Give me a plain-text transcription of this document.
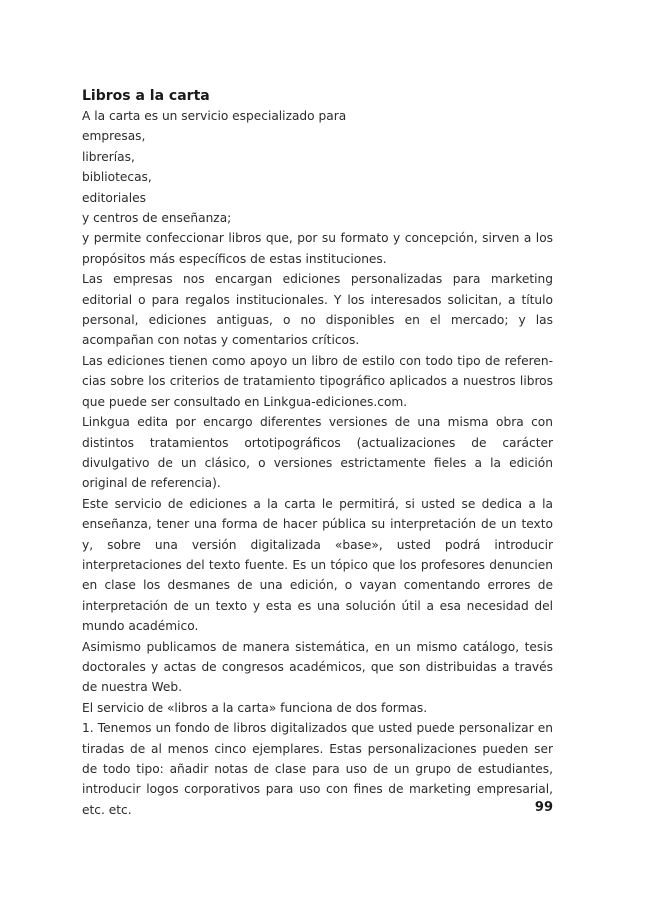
Libros a la carta

A la carta es un servicio especializado para

empresas,

librerías,

bibliotecas,

editoriales

y centros de enseñanza;

y permite confeccionar libros que, por su formato y concepción, sirven a los propósitos más específicos de estas instituciones.

Las empresas nos encargan ediciones personalizadas para marketing editorial o para regalos institucionales. Y los interesados solicitan, a título personal, ediciones antiguas, o no disponibles en el mercado; y las acompañan con notas y comentarios críticos.

Las ediciones tienen como apoyo un libro de estilo con todo tipo de referencias sobre los criterios de tratamiento tipográfico aplicados a nuestros libros que puede ser consultado en Linkgua-ediciones.com.

Linkgua edita por encargo diferentes versiones de una misma obra con distintos tratamientos ortotipográficos (actualizaciones de carácter divulgativo de un clásico, o versiones estrictamente fieles a la edición original de referencia).

Este servicio de ediciones a la carta le permitirá, si usted se dedica a la enseñanza, tener una forma de hacer pública su interpretación de un texto y, sobre una versión digitalizada «base», usted podrá introducir interpretaciones del texto fuente. Es un tópico que los profesores denuncien en clase los desmanes de una edición, o vayan comentando errores de interpretación de un texto y esta es una solución útil a esa necesidad del mundo académico.

Asimismo publicamos de manera sistemática, en un mismo catálogo, tesis doctorales y actas de congresos académicos, que son distribuidas a través de nuestra Web.

El servicio de «libros a la carta» funciona de dos formas.

1. Tenemos un fondo de libros digitalizados que usted puede personalizar en tiradas de al menos cinco ejemplares. Estas personalizaciones pueden ser de todo tipo: añadir notas de clase para uso de un grupo de estudiantes, introducir logos corporativos para uso con fines de marketing empresarial, etc. etc.	99
